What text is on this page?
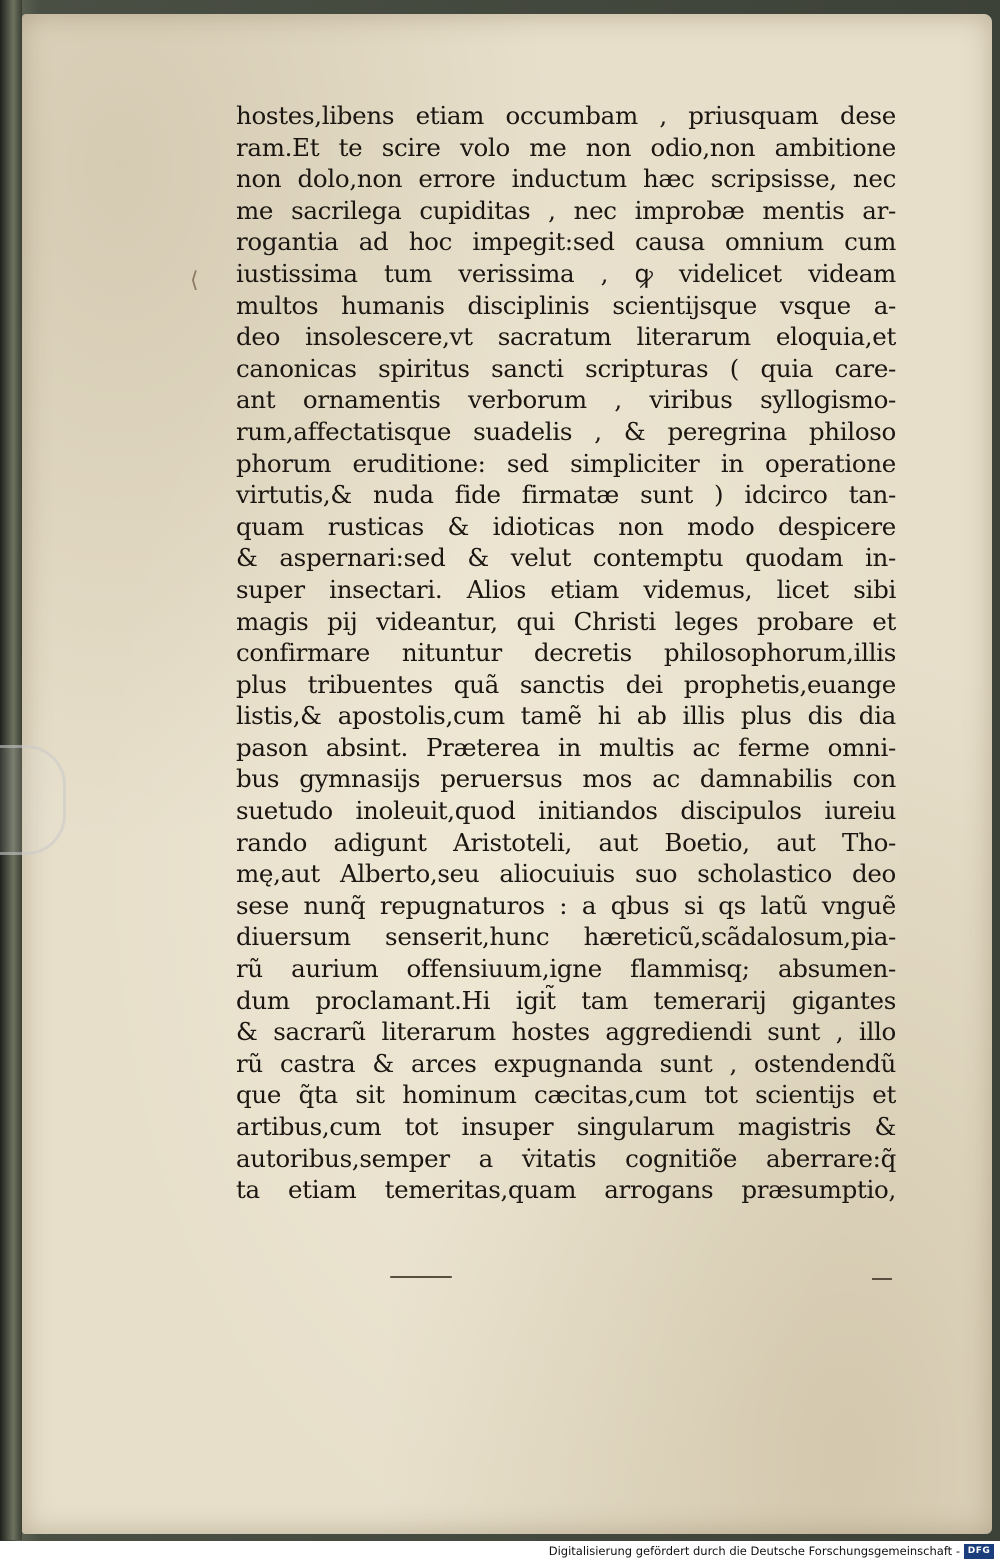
⟨
hostes,libens etiam occumbam , priusquam dese
ram.Et te scire volo me non odio,non ambitione
non dolo,non errore inductum hæc scripsisse, nec
me sacrilega cupiditas , nec improbæ mentis ar-
rogantia ad hoc impegit:sed causa omnium cum
iustissima tum verissima , ꝙ videlicet videam
multos humanis disciplinis scientijsque vsque a-
deo insolescere,vt sacratum literarum eloquia,et
canonicas spiritus sancti scripturas ( quia care-
ant ornamentis verborum , viribus syllogismo-
rum,affectatisque suadelis , & peregrina philoso
phorum eruditione: sed simpliciter in operatione
virtutis,& nuda fide firmatæ sunt ) idcirco tan-
quam rusticas & idioticas non modo despicere
& aspernari:sed & velut contemptu quodam in-
super insectari. Alios etiam videmus, licet sibi
magis pij videantur, qui Christi leges probare et
confirmare nituntur decretis philosophorum,illis
plus tribuentes quã sanctis dei prophetis,euange
listis,& apostolis,cum tamẽ hi ab illis plus dis dia
pason absint. Præterea in multis ac ferme omni-
bus gymnasijs peruersus mos ac damnabilis con
suetudo inoleuit,quod initiandos discipulos iureiu
rando adigunt Aristoteli, aut Boetio, aut Tho-
mę,aut Alberto,seu aliocuiuis suo scholastico deo
sese nunq̃ repugnaturos : a qbus si qs latũ vnguẽ
diuersum senserit,hunc hæreticũ,scãdalosum,pia-
rũ aurium offensiuum,igne flammisq; absumen-
dum proclamant.Hi igit̃ tam temerarij gigantes
& sacrarũ literarum hostes aggrediendi sunt , illo
rũ castra & arces expugnanda sunt , ostendendũ
que q̃ta sit hominum cæcitas,cum tot scientijs et
artibus,cum tot insuper singularum magistris &
autoribus,semper a v̇itatis cognitiõe aberrare:q̃
ta etiam temeritas,quam arrogans præsumptio,
Digitalisierung gefördert durch die Deutsche Forschungsgemeinschaft - DFG
